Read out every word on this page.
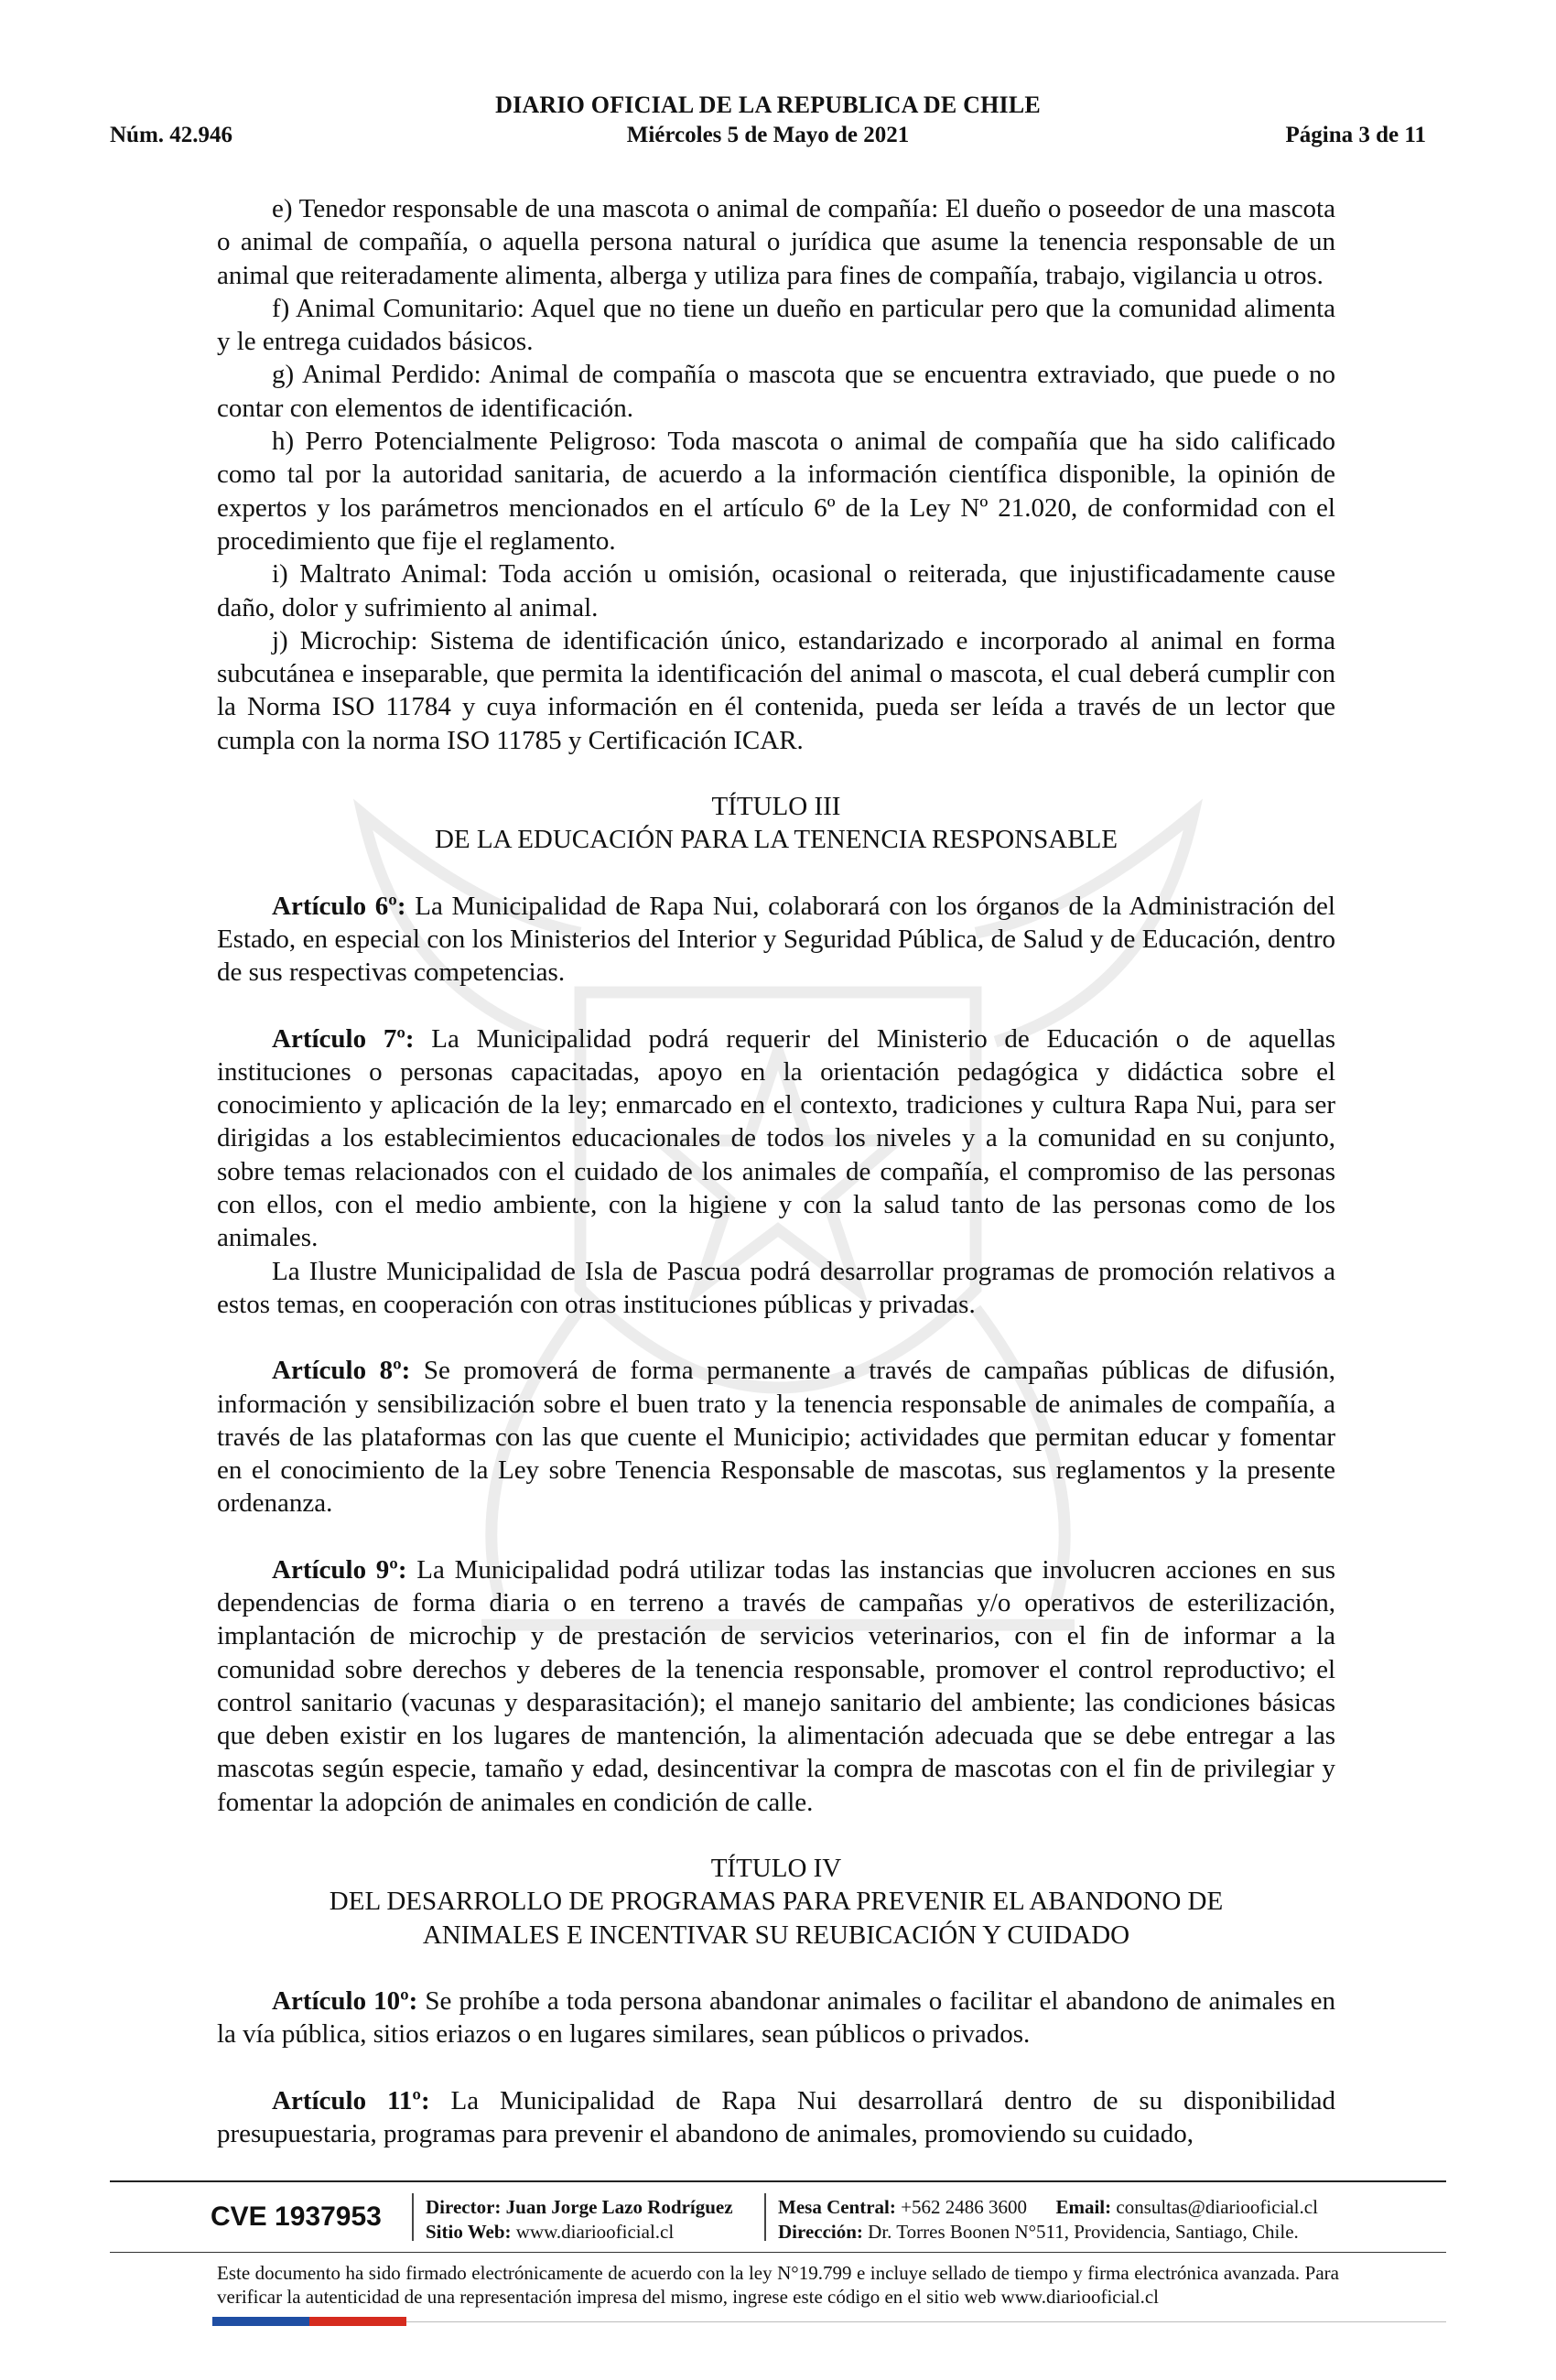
DIARIO OFICIAL DE LA REPUBLICA DE CHILE
Núm. 42.946	Miércoles 5 de Mayo de 2021	Página 3 de 11

e) Tenedor responsable de una mascota o animal de compañía: El dueño o poseedor de una mascota o animal de compañía, o aquella persona natural o jurídica que asume la tenencia responsable de un animal que reiteradamente alimenta, alberga y utiliza para fines de compañía, trabajo, vigilancia u otros.

f) Animal Comunitario: Aquel que no tiene un dueño en particular pero que la comunidad alimenta y le entrega cuidados básicos.

g) Animal Perdido: Animal de compañía o mascota que se encuentra extraviado, que puede o no contar con elementos de identificación.

h) Perro Potencialmente Peligroso: Toda mascota o animal de compañía que ha sido calificado como tal por la autoridad sanitaria, de acuerdo a la información científica disponible, la opinión de expertos y los parámetros mencionados en el artículo 6º de la Ley Nº 21.020, de conformidad con el procedimiento que fije el reglamento.

i) Maltrato Animal: Toda acción u omisión, ocasional o reiterada, que injustificadamente cause daño, dolor y sufrimiento al animal.

j) Microchip: Sistema de identificación único, estandarizado e incorporado al animal en forma subcutánea e inseparable, que permita la identificación del animal o mascota, el cual deberá cumplir con la Norma ISO 11784 y cuya información en él contenida, pueda ser leída a través de un lector que cumpla con la norma ISO 11785 y Certificación ICAR.

TÍTULO III
DE LA EDUCACIÓN PARA LA TENENCIA RESPONSABLE

Artículo 6º: La Municipalidad de Rapa Nui, colaborará con los órganos de la Administración del Estado, en especial con los Ministerios del Interior y Seguridad Pública, de Salud y de Educación, dentro de sus respectivas competencias.

Artículo 7º: La Municipalidad podrá requerir del Ministerio de Educación o de aquellas instituciones o personas capacitadas, apoyo en la orientación pedagógica y didáctica sobre el conocimiento y aplicación de la ley; enmarcado en el contexto, tradiciones y cultura Rapa Nui, para ser dirigidas a los establecimientos educacionales de todos los niveles y a la comunidad en su conjunto, sobre temas relacionados con el cuidado de los animales de compañía, el compromiso de las personas con ellos, con el medio ambiente, con la higiene y con la salud tanto de las personas como de los animales.

La Ilustre Municipalidad de Isla de Pascua podrá desarrollar programas de promoción relativos a estos temas, en cooperación con otras instituciones públicas y privadas.

Artículo 8º: Se promoverá de forma permanente a través de campañas públicas de difusión, información y sensibilización sobre el buen trato y la tenencia responsable de animales de compañía, a través de las plataformas con las que cuente el Municipio; actividades que permitan educar y fomentar en el conocimiento de la Ley sobre Tenencia Responsable de mascotas, sus reglamentos y la presente ordenanza.

Artículo 9º: La Municipalidad podrá utilizar todas las instancias que involucren acciones en sus dependencias de forma diaria o en terreno a través de campañas y/o operativos de esterilización, implantación de microchip y de prestación de servicios veterinarios, con el fin de informar a la comunidad sobre derechos y deberes de la tenencia responsable, promover el control reproductivo; el control sanitario (vacunas y desparasitación); el manejo sanitario del ambiente; las condiciones básicas que deben existir en los lugares de mantención, la alimentación adecuada que se debe entregar a las mascotas según especie, tamaño y edad, desincentivar la compra de mascotas con el fin de privilegiar y fomentar la adopción de animales en condición de calle.

TÍTULO IV
DEL DESARROLLO DE PROGRAMAS PARA PREVENIR EL ABANDONO DE
ANIMALES E INCENTIVAR SU REUBICACIÓN Y CUIDADO

Artículo 10º: Se prohíbe a toda persona abandonar animales o facilitar el abandono de animales en la vía pública, sitios eriazos o en lugares similares, sean públicos o privados.

Artículo 11º: La Municipalidad de Rapa Nui desarrollará dentro de su disponibilidad presupuestaria, programas para prevenir el abandono de animales, promoviendo su cuidado,

CVE 1937953	Director: Juan Jorge Lazo Rodríguez
Sitio Web: www.diariooficial.cl
Mesa Central: +562 2486 3600 Email: consultas@diariooficial.cl
Dirección: Dr. Torres Boonen N°511, Providencia, Santiago, Chile.
Este documento ha sido firmado electrónicamente de acuerdo con la ley N°19.799 e incluye sellado de tiempo y firma electrónica avanzada. Para verificar la autenticidad de una representación impresa del mismo, ingrese este código en el sitio web www.diariooficial.cl
